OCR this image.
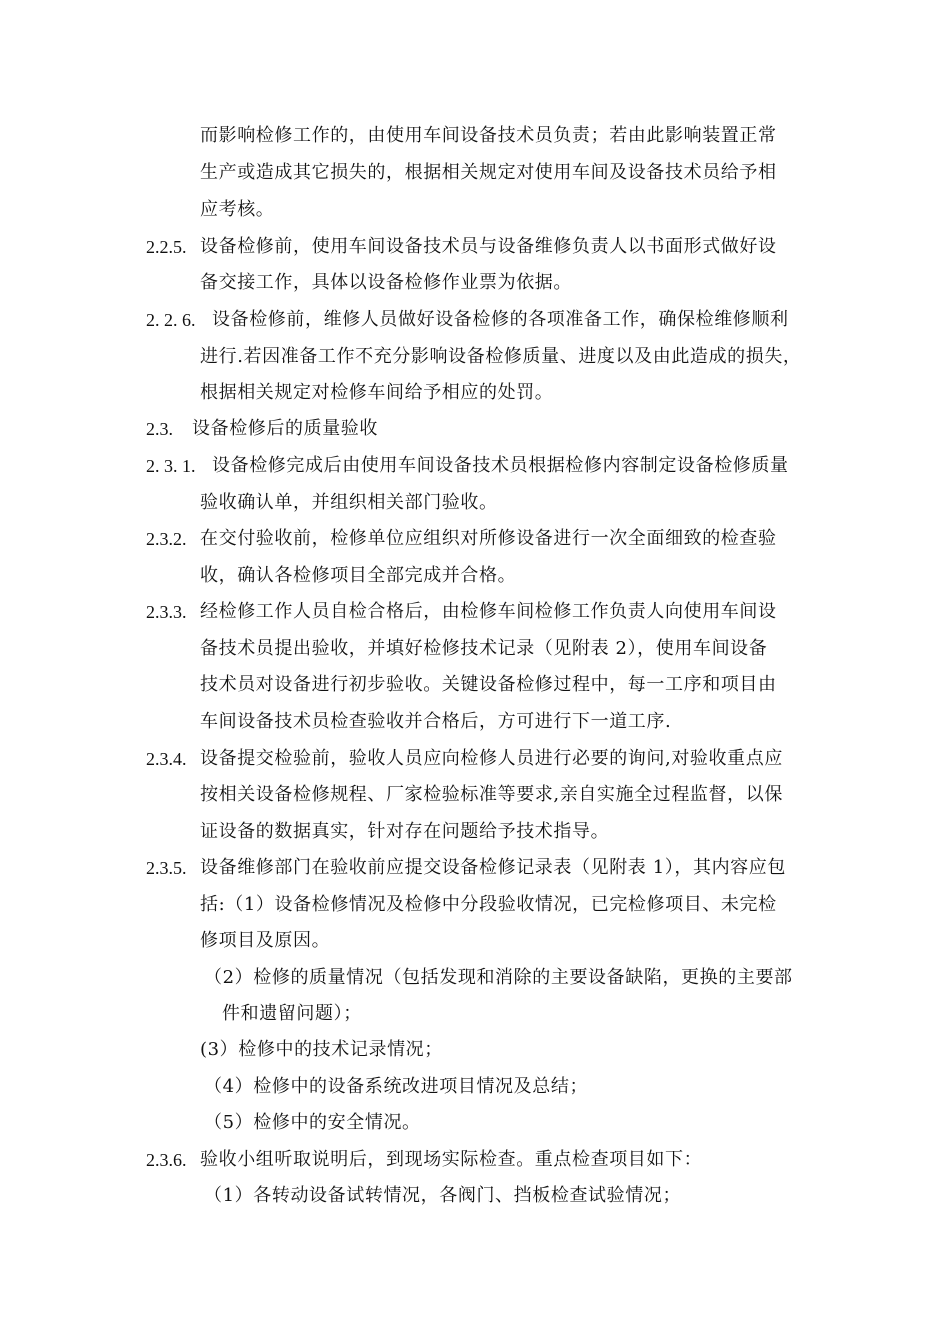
而影响检修工作的，由使用车间设备技术员负责；若由此影响装置正常
生产或造成其它损失的，根据相关规定对使用车间及设备技术员给予相
应考核。
2.2.5. 设备检修前，使用车间设备技术员与设备维修负责人以书面形式做好设
备交接工作，具体以设备检修作业票为依据。
2. 2. 6. 设备检修前，维修人员做好设备检修的各项准备工作，确保检维修顺利
进行.若因准备工作不充分影响设备检修质量、进度以及由此造成的损失，
根据相关规定对检修车间给予相应的处罚。
2.3. 设备检修后的质量验收
2. 3. 1. 设备检修完成后由使用车间设备技术员根据检修内容制定设备检修质量
验收确认单，并组织相关部门验收。
2.3.2. 在交付验收前，检修单位应组织对所修设备进行一次全面细致的检查验
收，确认各检修项目全部完成并合格。
2.3.3. 经检修工作人员自检合格后，由检修车间检修工作负责人向使用车间设
备技术员提出验收，并填好检修技术记录（见附表 2），使用车间设备
技术员对设备进行初步验收。关键设备检修过程中，每一工序和项目由
车间设备技术员检查验收并合格后，方可进行下一道工序.
2.3.4. 设备提交检验前，验收人员应向检修人员进行必要的询问,对验收重点应
按相关设备检修规程、厂家检验标准等要求,亲自实施全过程监督，以保
证设备的数据真实，针对存在问题给予技术指导。
2.3.5. 设备维修部门在验收前应提交设备检修记录表（见附表 1），其内容应包
括:（1）设备检修情况及检修中分段验收情况，已完检修项目、未完检
修项目及原因。
（2）检修的质量情况（包括发现和消除的主要设备缺陷，更换的主要部
件和遗留问题）；
(3）检修中的技术记录情况；
（4）检修中的设备系统改进项目情况及总结；
（5）检修中的安全情况。
2.3.6. 验收小组听取说明后，到现场实际检查。重点检查项目如下：
（1）各转动设备试转情况，各阀门、挡板检查试验情况；
